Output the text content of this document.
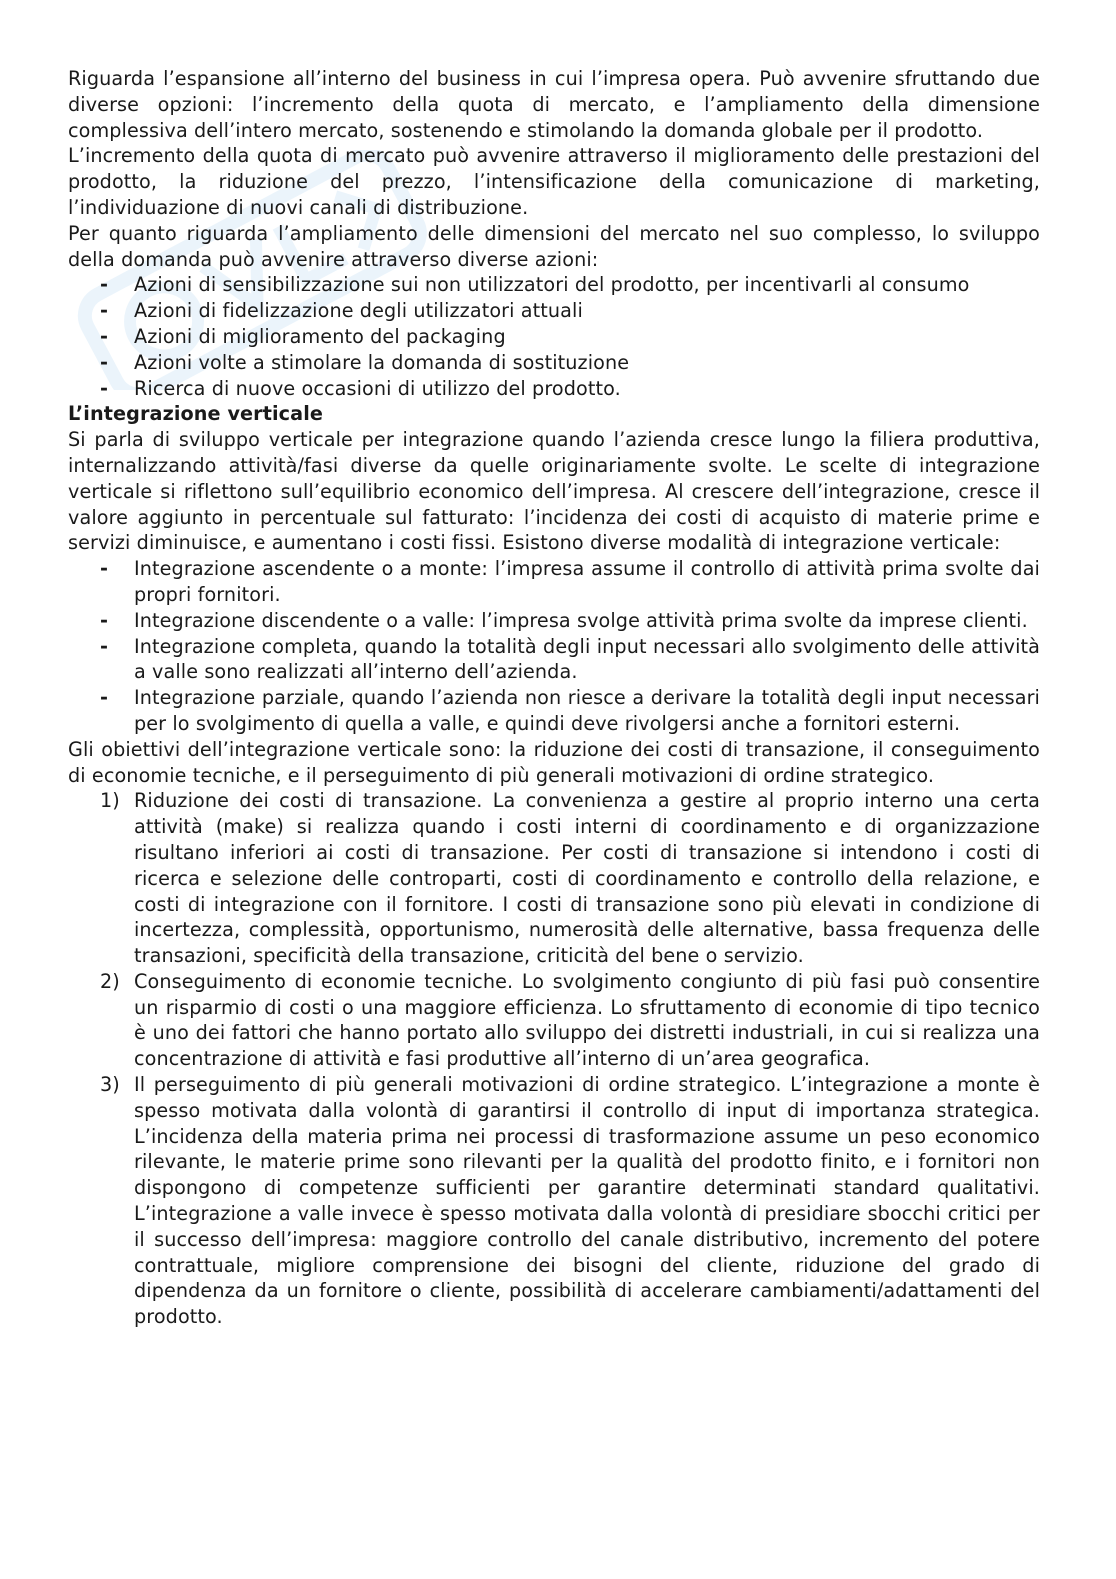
Riguarda l’espansione all’interno del business in cui l’impresa opera. Può avvenire sfruttando due diverse opzioni: l’incremento della quota di mercato, e l’ampliamento della dimensione complessiva dell’intero mercato, sostenendo e stimolando la domanda globale per il prodotto.

L’incremento della quota di mercato può avvenire attraverso il miglioramento delle prestazioni del prodotto, la riduzione del prezzo, l’intensificazione della comunicazione di marketing, l’individuazione di nuovi canali di distribuzione.

Per quanto riguarda l’ampliamento delle dimensioni del mercato nel suo complesso, lo sviluppo della domanda può avvenire attraverso diverse azioni:

- Azioni di sensibilizzazione sui non utilizzatori del prodotto, per incentivarli al consumo
- Azioni di fidelizzazione degli utilizzatori attuali
- Azioni di miglioramento del packaging
- Azioni volte a stimolare la domanda di sostituzione
- Ricerca di nuove occasioni di utilizzo del prodotto.
L’integrazione verticale

Si parla di sviluppo verticale per integrazione quando l’azienda cresce lungo la filiera produttiva, internalizzando attività/fasi diverse da quelle originariamente svolte. Le scelte di integrazione verticale si riflettono sull’equilibrio economico dell’impresa. Al crescere dell’integrazione, cresce il valore aggiunto in percentuale sul fatturato: l’incidenza dei costi di acquisto di materie prime e servizi diminuisce, e aumentano i costi fissi. Esistono diverse modalità di integrazione verticale:

- Integrazione ascendente o a monte: l’impresa assume il controllo di attività prima svolte dai propri fornitori.
- Integrazione discendente o a valle: l’impresa svolge attività prima svolte da imprese clienti.
- Integrazione completa, quando la totalità degli input necessari allo svolgimento delle attività a valle sono realizzati all’interno dell’azienda.
- Integrazione parziale, quando l’azienda non riesce a derivare la totalità degli input necessari per lo svolgimento di quella a valle, e quindi deve rivolgersi anche a fornitori esterni.

Gli obiettivi dell’integrazione verticale sono: la riduzione dei costi di transazione, il conseguimento di economie tecniche, e il perseguimento di più generali motivazioni di ordine strategico.

1) Riduzione dei costi di transazione. La convenienza a gestire al proprio interno una certa attività (make) si realizza quando i costi interni di coordinamento e di organizzazione risultano inferiori ai costi di transazione. Per costi di transazione si intendono i costi di ricerca e selezione delle controparti, costi di coordinamento e controllo della relazione, e costi di integrazione con il fornitore. I costi di transazione sono più elevati in condizione di incertezza, complessità, opportunismo, numerosità delle alternative, bassa frequenza delle transazioni, specificità della transazione, criticità del bene o servizio.
2) Conseguimento di economie tecniche. Lo svolgimento congiunto di più fasi può consentire un risparmio di costi o una maggiore efficienza. Lo sfruttamento di economie di tipo tecnico è uno dei fattori che hanno portato allo sviluppo dei distretti industriali, in cui si realizza una concentrazione di attività e fasi produttive all’interno di un’area geografica.
3) Il perseguimento di più generali motivazioni di ordine strategico. L’integrazione a monte è spesso motivata dalla volontà di garantirsi il controllo di input di importanza strategica. L’incidenza della materia prima nei processi di trasformazione assume un peso economico rilevante, le materie prime sono rilevanti per la qualità del prodotto finito, e i fornitori non dispongono di competenze sufficienti per garantire determinati standard qualitativi. L’integrazione a valle invece è spesso motivata dalla volontà di presidiare sbocchi critici per il successo dell’impresa: maggiore controllo del canale distributivo, incremento del potere contrattuale, migliore comprensione dei bisogni del cliente, riduzione del grado di dipendenza da un fornitore o cliente, possibilità di accelerare cambiamenti/adattamenti del prodotto.
